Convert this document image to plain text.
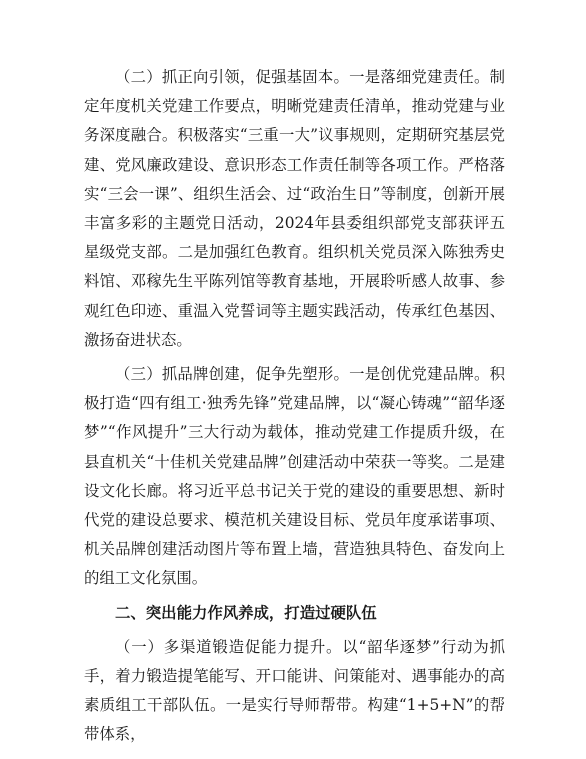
（二）抓正向引领，促强基固本。一是落细党建责任。制定年度机关党建工作要点，明晰党建责任清单，推动党建与业务深度融合。积极落实“三重一大”议事规则，定期研究基层党建、党风廉政建设、意识形态工作责任制等各项工作。严格落实“三会一课”、组织生活会、过“政治生日”等制度，创新开展丰富多彩的主题党日活动，2024年县委组织部党支部获评五星级党支部。二是加强红色教育。组织机关党员深入陈独秀史料馆、邓稼先生平陈列馆等教育基地，开展聆听感人故事、参观红色印迹、重温入党誓词等主题实践活动，传承红色基因、激扬奋进状态。

（三）抓品牌创建，促争先塑形。一是创优党建品牌。积极打造“四有组工·独秀先锋”党建品牌，以“凝心铸魂”“韶华逐梦”“作风提升”三大行动为载体，推动党建工作提质升级，在县直机关“十佳机关党建品牌”创建活动中荣获一等奖。二是建设文化长廊。将习近平总书记关于党的建设的重要思想、新时代党的建设总要求、模范机关建设目标、党员年度承诺事项、机关品牌创建活动图片等布置上墙，营造独具特色、奋发向上的组工文化氛围。

二、突出能力作风养成，打造过硬队伍

（一）多渠道锻造促能力提升。以“韶华逐梦”行动为抓手，着力锻造提笔能写、开口能讲、问策能对、遇事能办的高素质组工干部队伍。一是实行导师帮带。构建“1+5+N”的帮带体系，
